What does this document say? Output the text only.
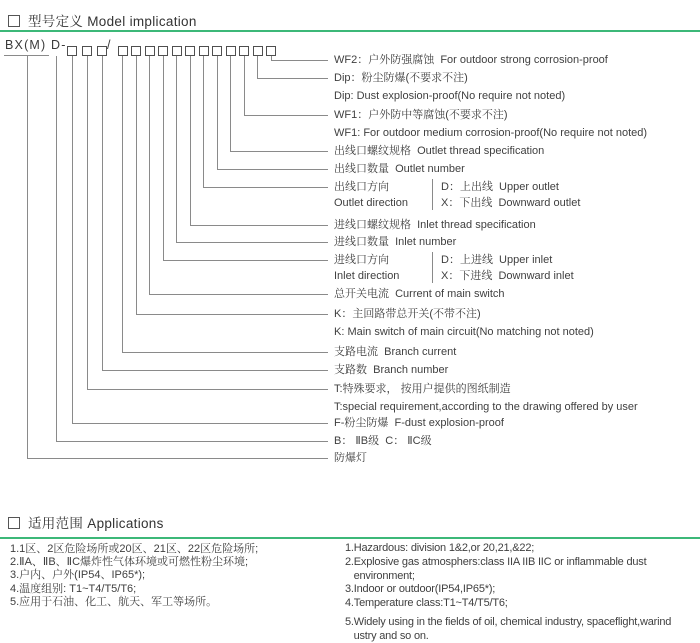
型号定义 Model implication
BX(M) D-	/
适用范围 Applications
WF2：户外防强腐蚀  For outdoor strong corrosion-proof
Dip：粉尘防爆(不要求不注)
Dip: Dust explosion-proof(No require not noted)
WF1：户外防中等腐蚀(不要求不注)
WF1: For outdoor medium corrosion-proof(No require not noted)
出线口螺纹规格  Outlet thread specification
出线口数量  Outlet number
出线口方向
Outlet direction
D：上出线  Upper outlet
X：下出线  Downward outlet
进线口螺纹规格  Inlet thread specification
进线口数量  Inlet number
进线口方向
Inlet direction
D：上进线  Upper inlet
X：下进线  Downward inlet
总开关电流  Current of main switch
K：主回路带总开关(不带不注)
K: Main switch of main circuit(No matching not noted)
支路电流  Branch current
支路数  Branch number
T:特殊要求， 按用户提供的图纸制造
T:special requirement,according to the drawing offered by user
F-粉尘防爆  F-dust explosion-proof
B： ⅡB级  C： ⅡC级
防爆灯
1.1区、2区危险场所或20区、21区、22区危险场所;
2.ⅡA、ⅡB、ⅡC爆炸性气体环境或可燃性粉尘环境;
3.户内、户外(IP54、IP65*);
4.温度组别: T1~T4/T5/T6;
5.应用于石油、化工、航天、军工等场所。
1.Hazardous: division 1&2,or 20,21,&22;
2.Explosive gas atmosphers:class IIA IIB IIC or inflammable dust
environment;
3.Indoor or outdoor(IP54,IP65*);
4.Temperature class:T1~T4/T5/T6;
5.Widely using in the fields of oil, chemical industry, spaceflight,warind
ustry and so on.
